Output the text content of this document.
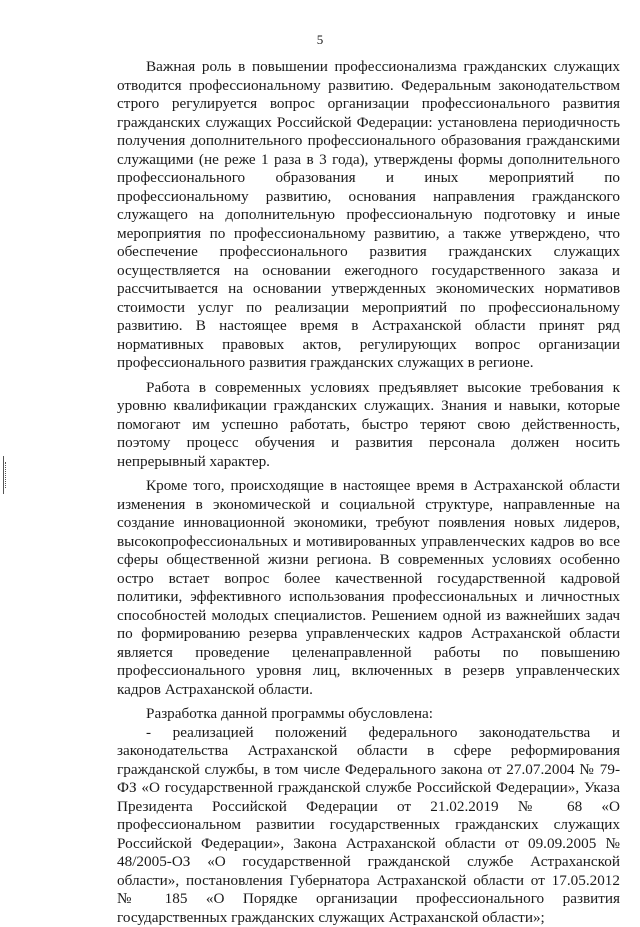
5

Важная роль в повышении профессионализма гражданских служащих отводится профессиональному развитию. Федеральным законодательством строго регулируется вопрос организации профессионального развития гражданских служащих Российской Федерации: установлена периодичность получения дополнительного профессионального образования гражданскими служащими (не реже 1 раза в 3 года), утверждены формы дополнительного профессионального образования и иных мероприятий по профессиональному развитию, основания направления гражданского служащего на дополнительную профессиональную подготовку и иные мероприятия по профессиональному развитию, а также утверждено, что обеспечение профессионального развития гражданских служащих осуществляется на основании ежегодного государственного заказа и рассчитывается на основании утвержденных экономических нормативов стоимости услуг по реализации мероприятий по профессиональному развитию. В настоящее время в Астраханской области принят ряд нормативных правовых актов, регулирующих вопрос организации профессионального развития гражданских служащих в регионе.

Работа в современных условиях предъявляет высокие требования к уровню квалификации гражданских служащих. Знания и навыки, которые помогают им успешно работать, быстро теряют свою действенность, поэтому процесс обучения и развития персонала должен носить непрерывный характер.

Кроме того, происходящие в настоящее время в Астраханской области изменения в экономической и социальной структуре, направленные на создание инновационной экономики, требуют появления новых лидеров, высокопрофессиональных и мотивированных управленческих кадров во все сферы общественной жизни региона. В современных условиях особенно остро встает вопрос более качественной государственной кадровой политики, эффективного использования профессиональных и личностных способностей молодых специалистов. Решением одной из важнейших задач по формированию резерва управленческих кадров Астраханской области является проведение целенаправленной работы по повышению профессионального уровня лиц, включенных в резерв управленческих кадров Астраханской области.

Разработка данной программы обусловлена:

- реализацией положений федерального законодательства и законодательства Астраханской области в сфере реформирования гражданской службы, в том числе Федерального закона от 27.07.2004 № 79-ФЗ «О государственной гражданской службе Российской Федерации», Указа Президента Российской Федерации от 21.02.2019 № 68 «О профессиональном развитии государственных гражданских служащих Российской Федерации», Закона Астраханской области от 09.09.2005 № 48/2005-ОЗ «О государственной гражданской службе Астраханской области», постановления Губернатора Астраханской области от 17.05.2012 № 185 «О Порядке организации профессионального развития государственных гражданских служащих Астраханской области»;
